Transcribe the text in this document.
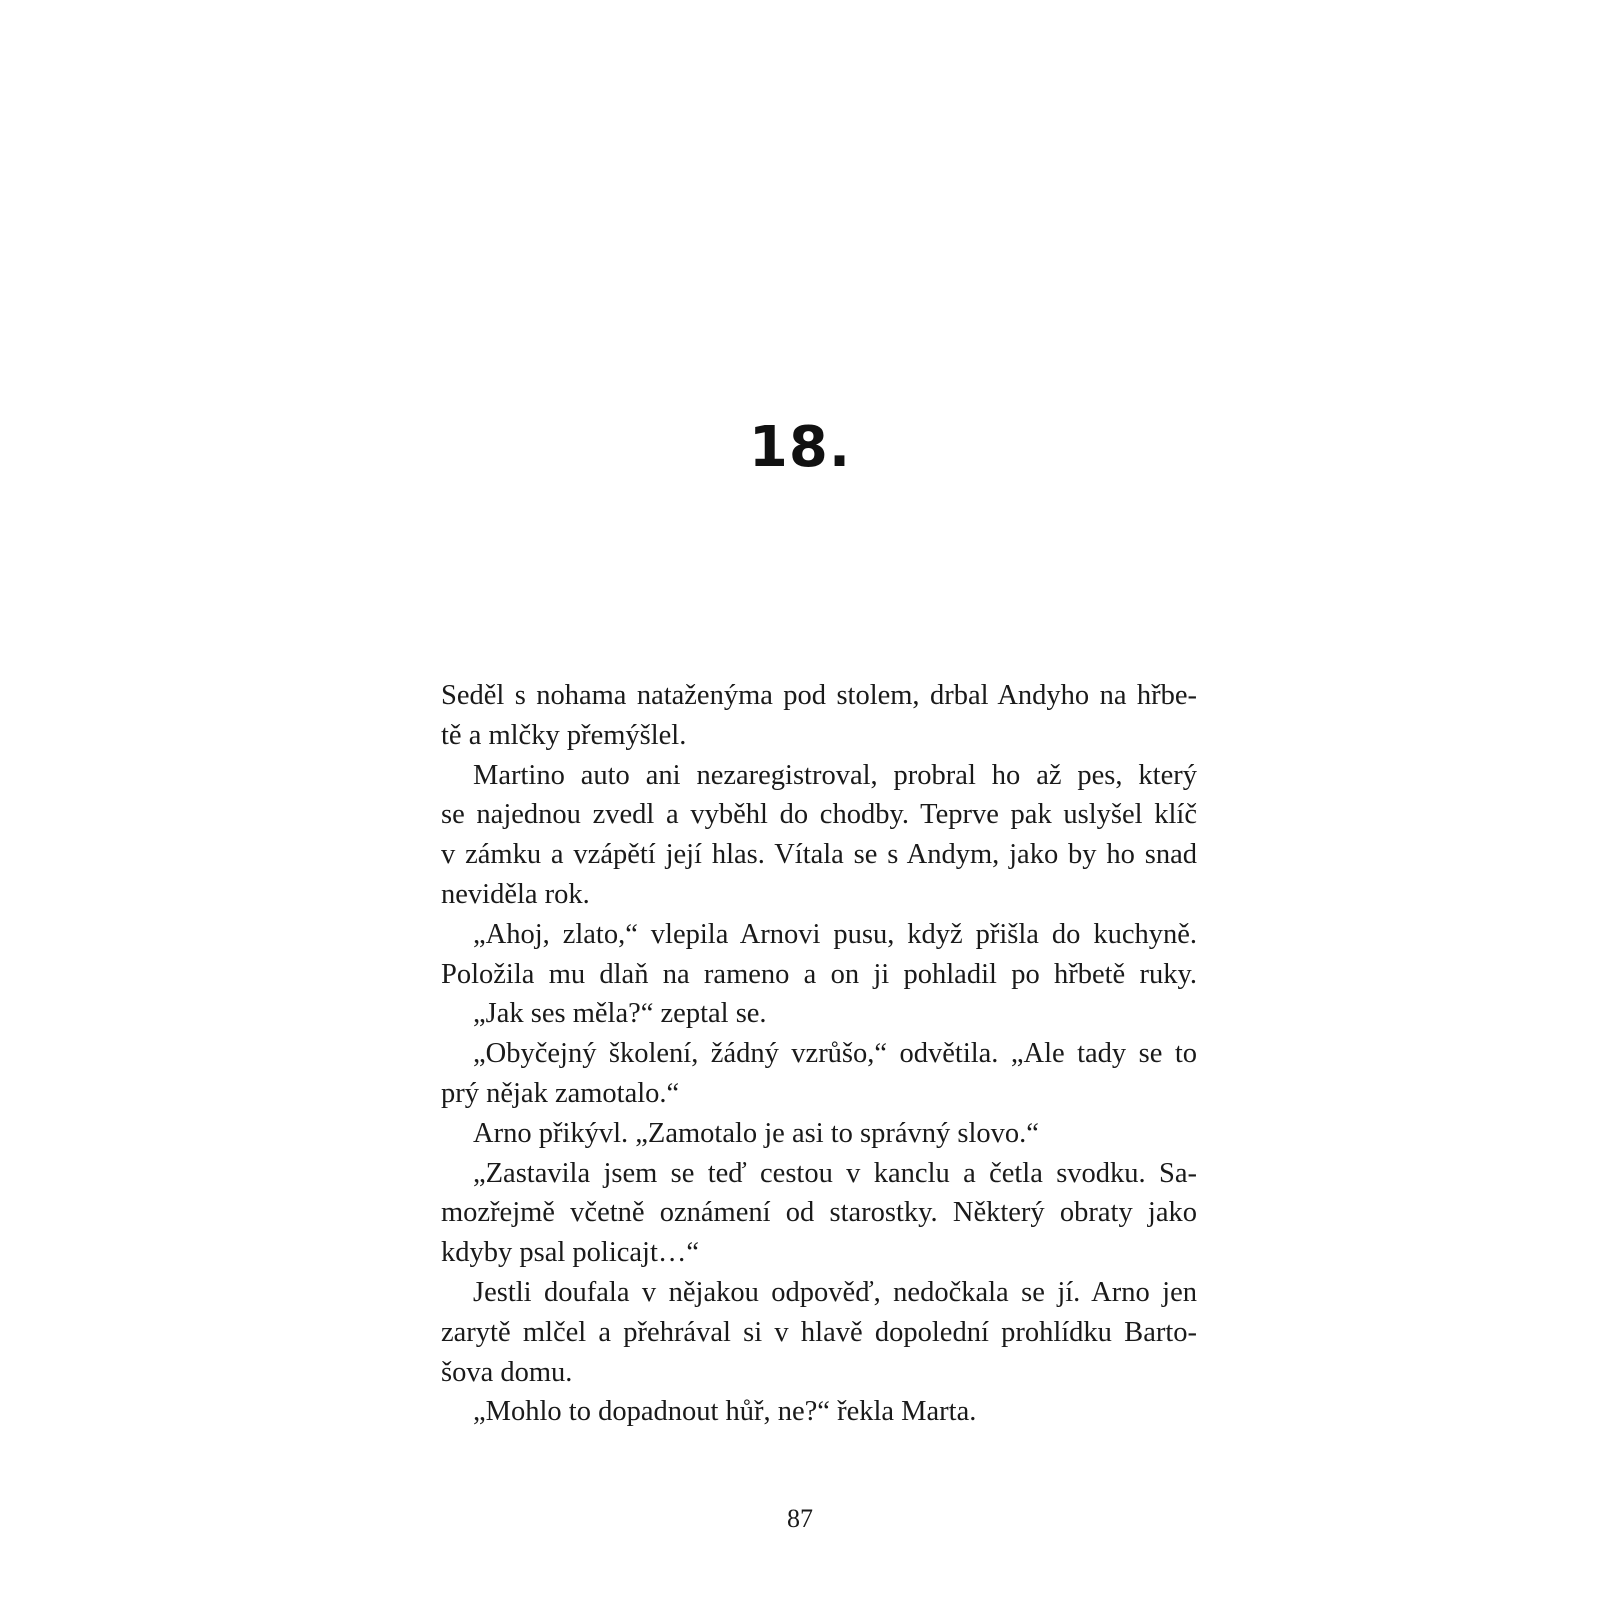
18.
Seděl s nohama nataženýma pod stolem, drbal Andyho na hřbe-
tě a mlčky přemýšlel.
Martino auto ani nezaregistroval, probral ho až pes, který
se najednou zvedl a vyběhl do chodby. Teprve pak uslyšel klíč
v zámku a vzápětí její hlas. Vítala se s Andym, jako by ho snad
neviděla rok.
„Ahoj, zlato,“ vlepila Arnovi pusu, když přišla do kuchyně.
Položila mu dlaň na rameno a on ji pohladil po hřbetě ruky.
„Jak ses měla?“ zeptal se.
„Obyčejný školení, žádný vzrůšo,“ odvětila. „Ale tady se to
prý nějak zamotalo.“
Arno přikývl. „Zamotalo je asi to správný slovo.“
„Zastavila jsem se teď cestou v kanclu a četla svodku. Sa-
mozřejmě včetně oznámení od starostky. Některý obraty jako
kdyby psal policajt…“
Jestli doufala v nějakou odpověď, nedočkala se jí. Arno jen
zarytě mlčel a přehrával si v hlavě dopolední prohlídku Barto-
šova domu.
„Mohlo to dopadnout hůř, ne?“ řekla Marta.
87
